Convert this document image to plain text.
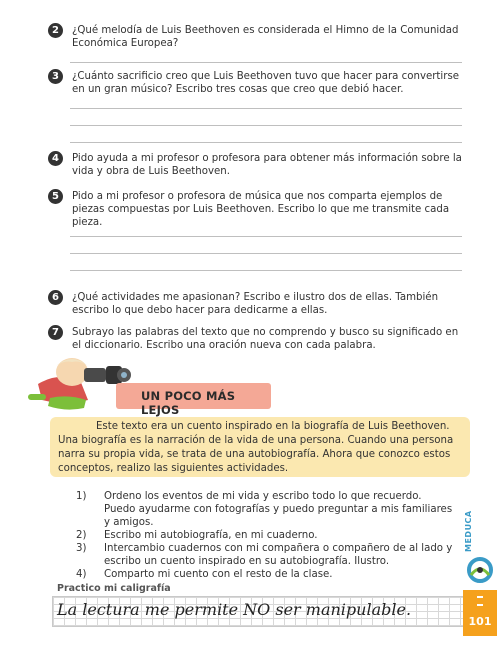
2	¿Qué melodía de Luis Beethoven es considerada el Himno de la Comunidad Económica Europea?
3	¿Cuánto sacrificio creo que Luis Beethoven tuvo que hacer para convertirse en un gran músico? Escribo tres cosas que creo que debió hacer.
4	Pido ayuda a mi profesor o profesora para obtener más información sobre la vida y obra de Luis Beethoven.
5	Pido a mi profesor o profesora de música que nos comparta ejemplos de piezas compuestas por Luis Beethoven. Escribo lo que me transmite cada pieza.
6	¿Qué actividades me apasionan? Escribo e ilustro dos de ellas. También escribo lo que debo hacer para dedicarme a ellas.
7	Subrayo las palabras del texto que no comprendo y busco su significado en el diccionario. Escribo una oración nueva con cada palabra.
UN POCO MÁS LEJOS

Este texto era un cuento inspirado en la biografía de Luis Beethoven. Una biografía es la narración de la vida de una persona. Cuando una persona narra su propia vida, se trata de una autobiografía. Ahora que conozco estos conceptos, realizo las siguientes actividades.

1) Ordeno los eventos de mi vida y escribo todo lo que recuerdo. Puedo ayudarme con fotografías y puedo preguntar a mis familiares y amigos.
2) Escribo mi autobiografía, en mi cuaderno.
3) Intercambio cuadernos con mi compañera o compañero de al lado y escribo un cuento inspirado en su autobiografía. Ilustro.
4) Comparto mi cuento con el resto de la clase.
Practico mi caligrafía
La lectura me permite NO ser manipulable.
MEDUCA
101
